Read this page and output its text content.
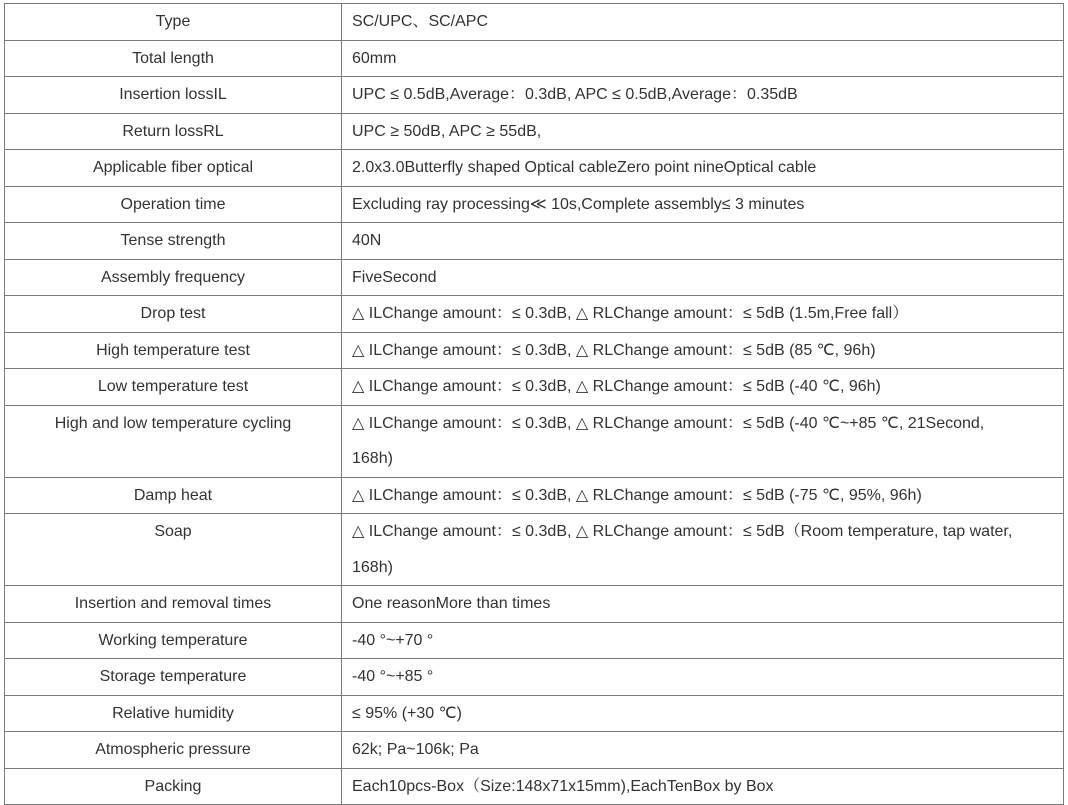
Type	SC/UPC、SC/APC
Total length	60mm
Insertion lossIL	UPC ≤ 0.5dB,Average：0.3dB, APC ≤ 0.5dB,Average：0.35dB
Return lossRL	UPC ≥ 50dB, APC ≥ 55dB,
Applicable fiber optical	2.0x3.0Butterfly shaped Optical cableZero point nineOptical cable
Operation time	Excluding ray processing≪ 10s,Complete assembly≤ 3 minutes
Tense strength	40N
Assembly frequency	FiveSecond
Drop test	△ ILChange amount：≤ 0.3dB, △ RLChange amount：≤ 5dB (1.5m,Free fall）
High temperature test	△ ILChange amount：≤ 0.3dB, △ RLChange amount：≤ 5dB (85 ℃, 96h)
Low temperature test	△ ILChange amount：≤ 0.3dB, △ RLChange amount：≤ 5dB (-40 ℃, 96h)
High and low temperature cycling	△ ILChange amount：≤ 0.3dB, △ RLChange amount：≤ 5dB (-40 ℃~+85 ℃, 21Second, 168h)
Damp heat	△ ILChange amount：≤ 0.3dB, △ RLChange amount：≤ 5dB (-75 ℃, 95%, 96h)
Soap	△ ILChange amount：≤ 0.3dB, △ RLChange amount：≤ 5dB（Room temperature, tap water, 168h)
Insertion and removal times	One reasonMore than times
Working temperature	-40 °~+70 °
Storage temperature	-40 °~+85 °
Relative humidity	≤ 95% (+30 ℃)
Atmospheric pressure	62k; Pa~106k; Pa
Packing	Each10pcs-Box（Size:148x71x15mm),EachTenBox by Box
